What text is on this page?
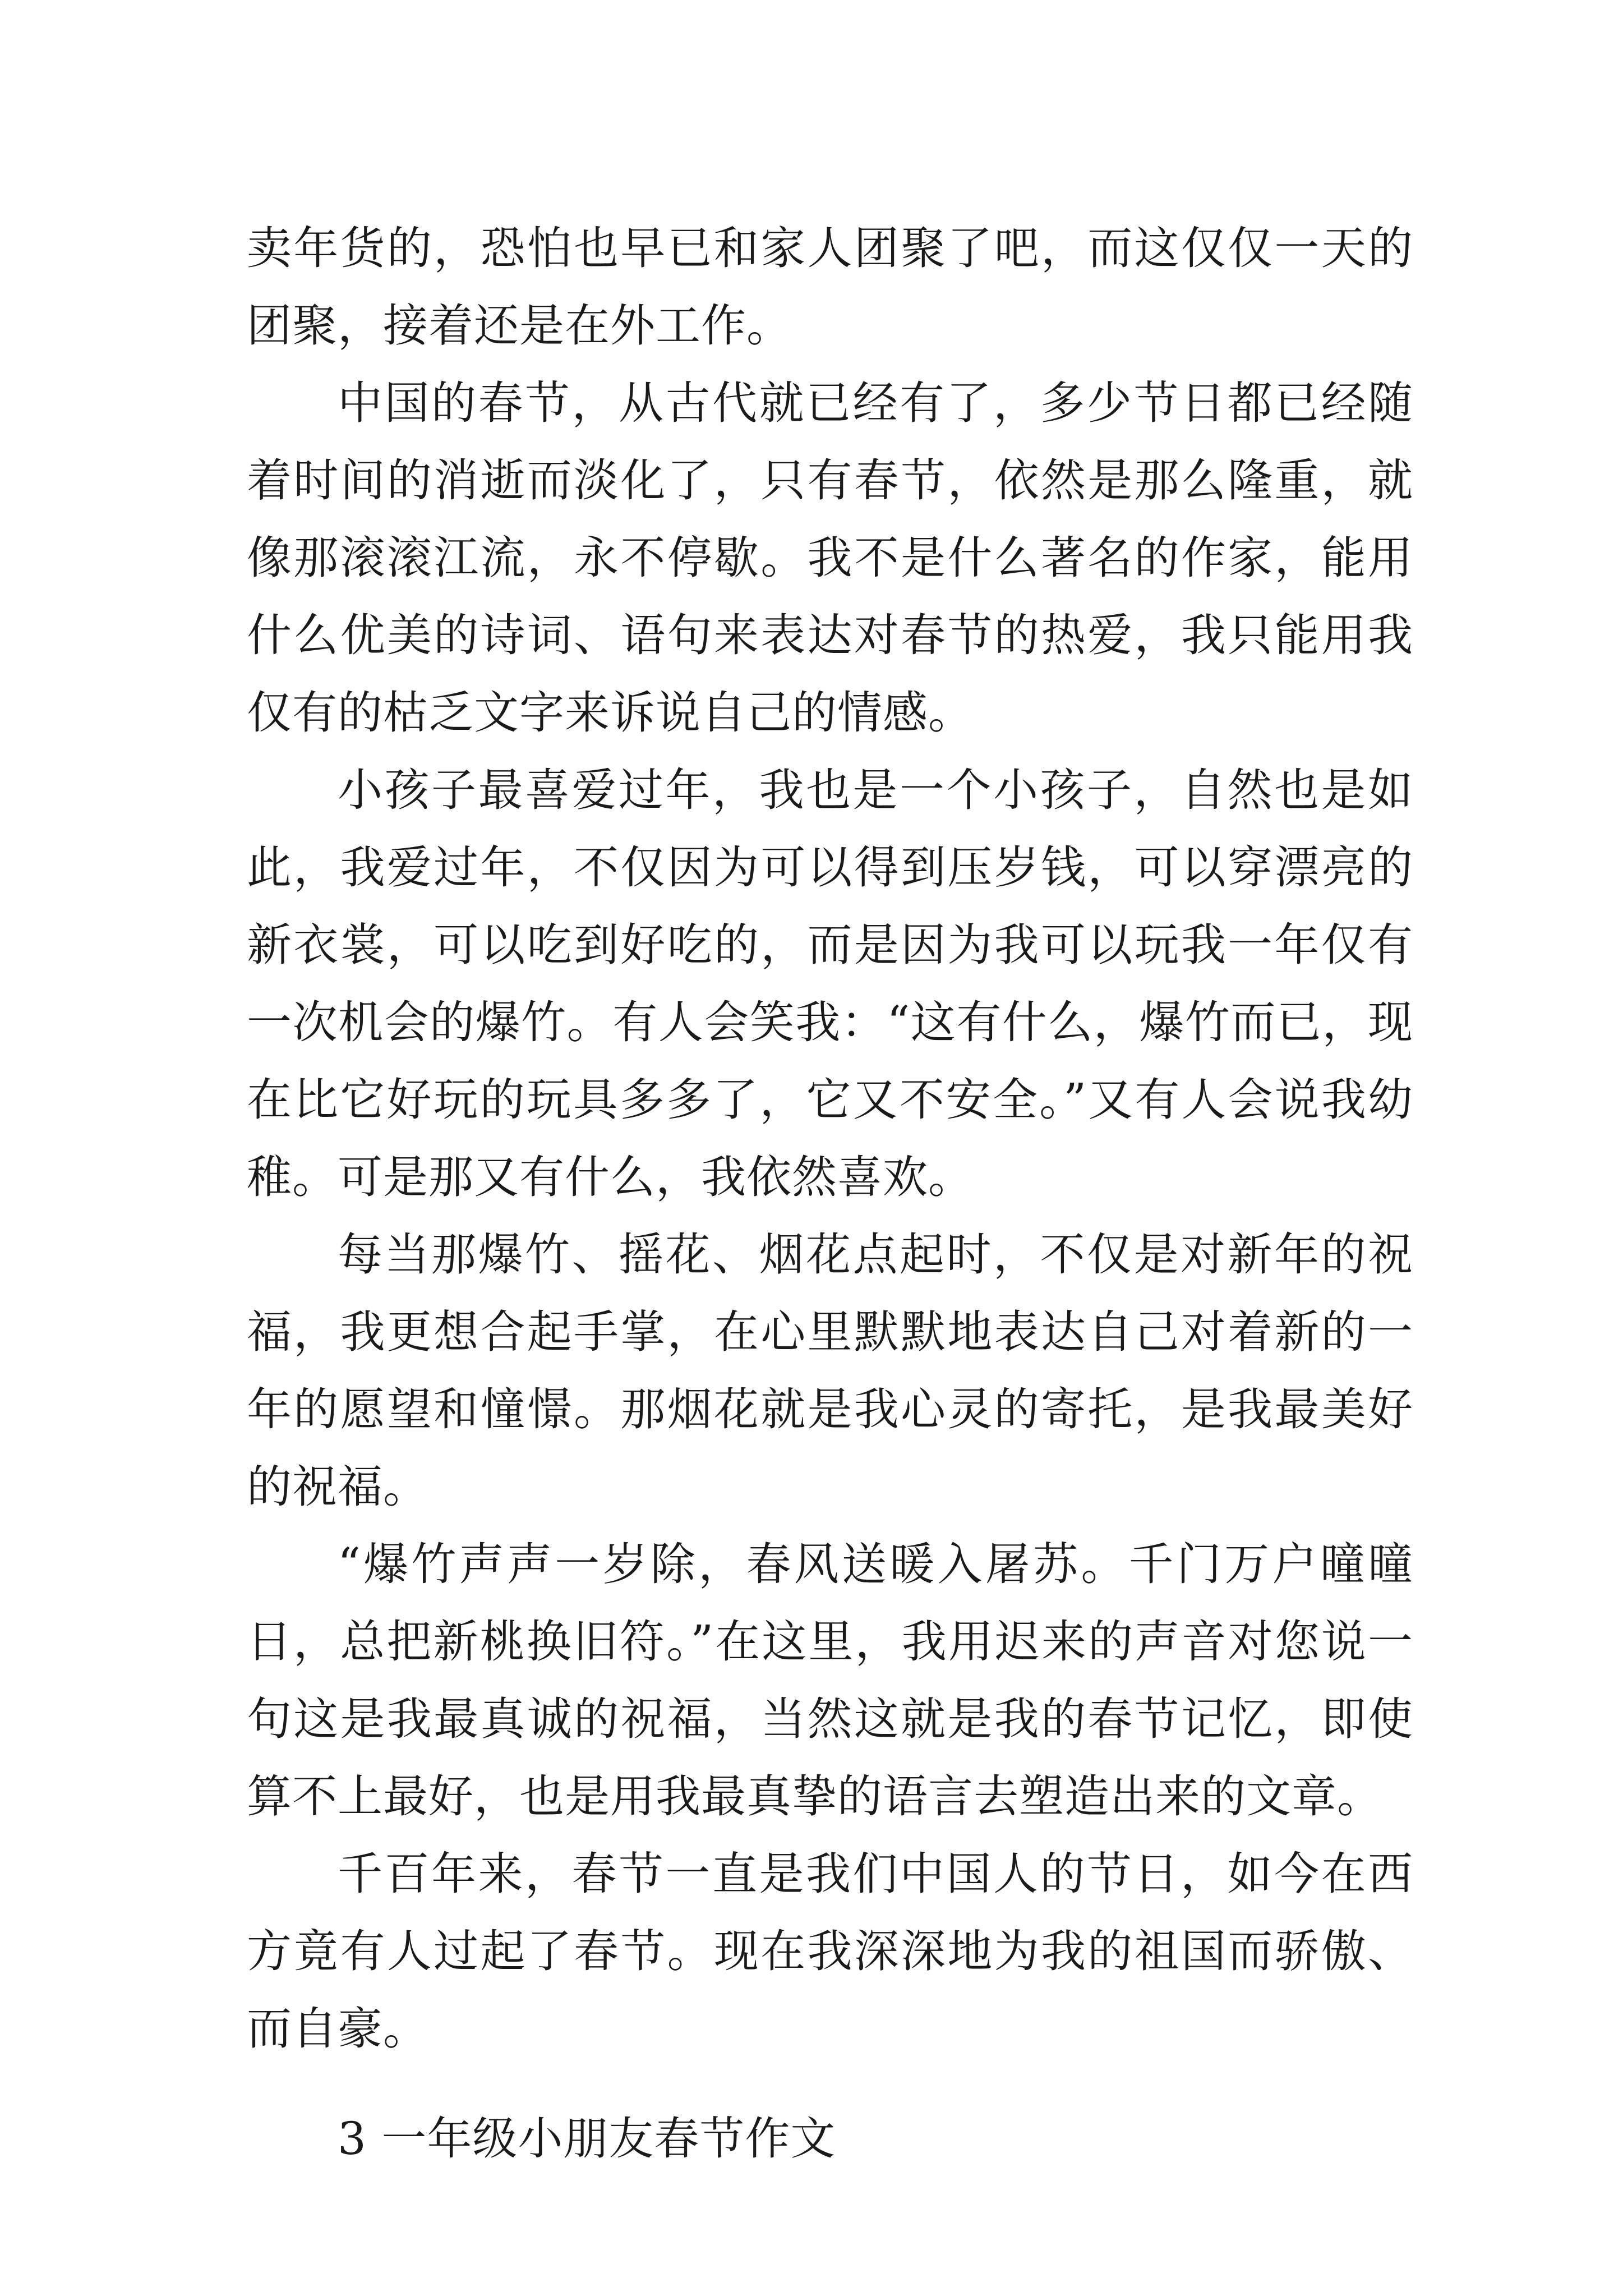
卖年货的，恐怕也早已和家人团聚了吧，而这仅仅一天的团聚，接着还是在外工作。

中国的春节，从古代就已经有了，多少节日都已经随着时间的消逝而淡化了，只有春节，依然是那么隆重，就像那滚滚江流，永不停歇。我不是什么著名的作家，能用什么优美的诗词、语句来表达对春节的热爱，我只能用我仅有的枯乏文字来诉说自己的情感。

小孩子最喜爱过年，我也是一个小孩子，自然也是如此，我爱过年，不仅因为可以得到压岁钱，可以穿漂亮的新衣裳，可以吃到好吃的，而是因为我可以玩我一年仅有一次机会的爆竹。有人会笑我：“这有什么，爆竹而已，现在比它好玩的玩具多多了，它又不安全。”又有人会说我幼稚。可是那又有什么，我依然喜欢。

每当那爆竹、摇花、烟花点起时，不仅是对新年的祝福，我更想合起手掌，在心里默默地表达自己对着新的一年的愿望和憧憬。那烟花就是我心灵的寄托，是我最美好的祝福。

“爆竹声声一岁除，春风送暖入屠苏。千门万户曈曈日，总把新桃换旧符。”在这里，我用迟来的声音对您说一句这是我最真诚的祝福，当然这就是我的春节记忆，即使算不上最好，也是用我最真挚的语言去塑造出来的文章。

千百年来，春节一直是我们中国人的节日，如今在西方竟有人过起了春节。现在我深深地为我的祖国而骄傲、而自豪。

3 一年级小朋友春节作文
